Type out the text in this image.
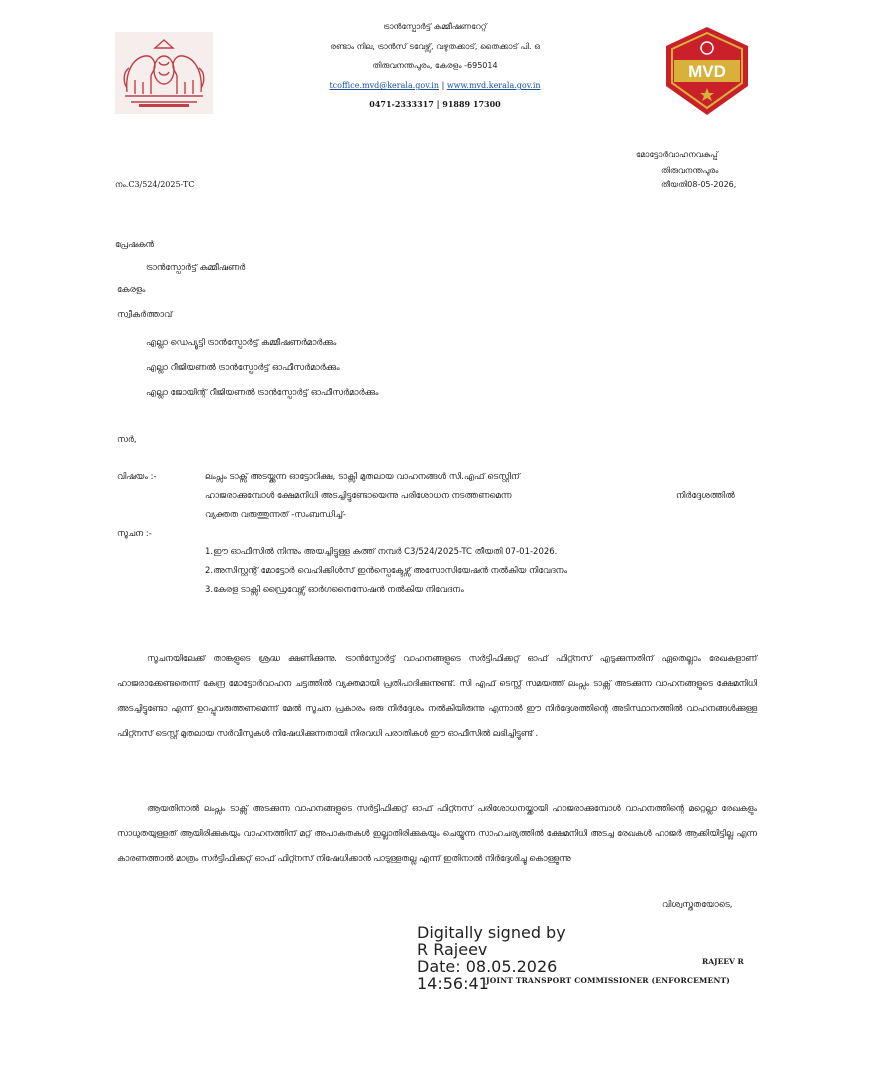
ട്രാൻസ്പോർട്ട് കമ്മീഷണറേറ്റ്
രണ്ടാം നില, ട്രാൻസ് ടവേഴ്സ്, വഴുതക്കാട്, തൈക്കാട് പി. ഒ
തിരുവനന്തപുരം, കേരളം -695014
tcoffice.mvd@kerala.gov.in | www.mvd.kerala.gov.in
0471-2333317 | 91889 17300
MVD
മോട്ടോർവാഹനവകുപ്പ്
തിരുവനന്തപുരം
തീയതി08-05-2026,
നം.C3/524/2025-TC
പ്രേഷകൻ
ട്രാൻസ്പോർട്ട് കമ്മീഷണർ
കേരളം
സ്വീകർത്താവ്
എല്ലാ ഡെപ്യൂട്ടി ട്രാൻസ്പോർട്ട് കമ്മീഷണർമാർക്കും
എല്ലാ റീജിയണൽ ട്രാൻസ്പോർട്ട് ഓഫീസർമാർക്കും
എല്ലാ ജോയിന്റ് റീജിയണൽ ട്രാൻസ്പോർട്ട് ഓഫീസർമാർക്കും
സർ,
വിഷയം :-	ലംപ്സം ടാക്സ് അടയ്ക്കുന്ന ഓട്ടോറിക്ഷ, ടാക്സി മുതലായ വാഹനങ്ങൾ സി.എഫ് ടെസ്റ്റിന്
ഹാജരാക്കുമ്പോൾ ക്ഷേമനിധി അടച്ചിട്ടുണ്ടോയെന്നു പരിശോധന നടത്തണമെന്ന	നിർദ്ദേശത്തിൽ
വ്യക്തത വരുത്തുന്നത് -സംബന്ധിച്ച്-
സൂചന :-
1.ഈ ഓഫീസിൽ നിന്നും അയച്ചിട്ടുള്ള കത്ത് നമ്പർ C3/524/2025-TC തീയതി 07-01-2026.
2.അസിസ്റ്റന്റ് മോട്ടോർ വെഹിക്കിൾസ് ഇൻസ്പെക്ടേഴ്സ് അസോസിയേഷൻ നൽകിയ നിവേദനം
3.കേരള ടാക്സി ഡ്രൈവേഴ്സ് ഓർഗനൈസേഷൻ നൽകിയ നിവേദനം
സൂചനയിലേക്ക് താങ്കളുടെ ശ്രദ്ധ ക്ഷണിക്കുന്നു. ട്രാൻസ്പോർട്ട് വാഹനങ്ങളുടെ സർട്ടിഫിക്കറ്റ് ഓഫ് ഫിറ്റ്നസ് എടുക്കുന്നതിന് ഏതെല്ലാം രേഖകളാണ് ഹാജരാക്കേണ്ടതെന്ന് കേന്ദ്ര മോട്ടോർവാഹന ചട്ടത്തിൽ വ്യക്തമായി പ്രതിപാദിക്കുന്നുണ്ട്. സി എഫ് ടെസ്റ്റ് സമയത്ത് ലംപ്സം ടാക്സ് അടക്കുന്ന വാഹനങ്ങളുടെ ക്ഷേമനിധി അടച്ചിട്ടുണ്ടോ എന്ന് ഉറപ്പുവരുത്തണമെന്ന് മേൽ സൂചന പ്രകാരം ഒരു നിർദ്ദേശം നൽകിയിരുന്നു എന്നാൽ ഈ നിർദ്ദേശത്തിന്റെ അടിസ്ഥാനത്തിൽ വാഹനങ്ങൾക്കുള്ള ഫിറ്റ്നസ് ടെസ്റ്റ് മുതലായ സർവീസുകൾ നിഷേധിക്കുന്നതായി നിരവധി പരാതികൾ ഈ ഓഫീസിൽ ലഭിച്ചിട്ടുണ്ട് .
ആയതിനാൽ ലംപ്സം ടാക്സ് അടക്കുന്ന വാഹനങ്ങളുടെ സർട്ടിഫിക്കറ്റ് ഓഫ് ഫിറ്റ്നസ് പരിശോധനയ്ക്കായി ഹാജരാക്കുമ്പോൾ വാഹനത്തിന്റെ മറ്റെല്ലാ രേഖകളും സാധുതയുള്ളത് ആയിരിക്കുകയും വാഹനത്തിന് മറ്റ് അപാകതകൾ ഇല്ലാതിരിക്കുകയും ചെയ്യുന്ന സാഹചര്യത്തിൽ ക്ഷേമനിധി അടച്ച രേഖകൾ ഹാജർ ആക്കിയിട്ടില്ല എന്ന കാരണത്താൽ മാത്രം സർട്ടിഫിക്കറ്റ് ഓഫ് ഫിറ്റ്നസ് നിഷേധിക്കാൻ പാടുള്ളതല്ല എന്ന് ഇതിനാൽ നിർദ്ദേശിച്ചു കൊള്ളുന്നു
വിശ്വസ്തതയോടെ,
RAJEEV R
JOINT TRANSPORT COMMISSIONER (ENFORCEMENT)
Digitally signed by
R Rajeev
Date: 08.05.2026
14:56:41
